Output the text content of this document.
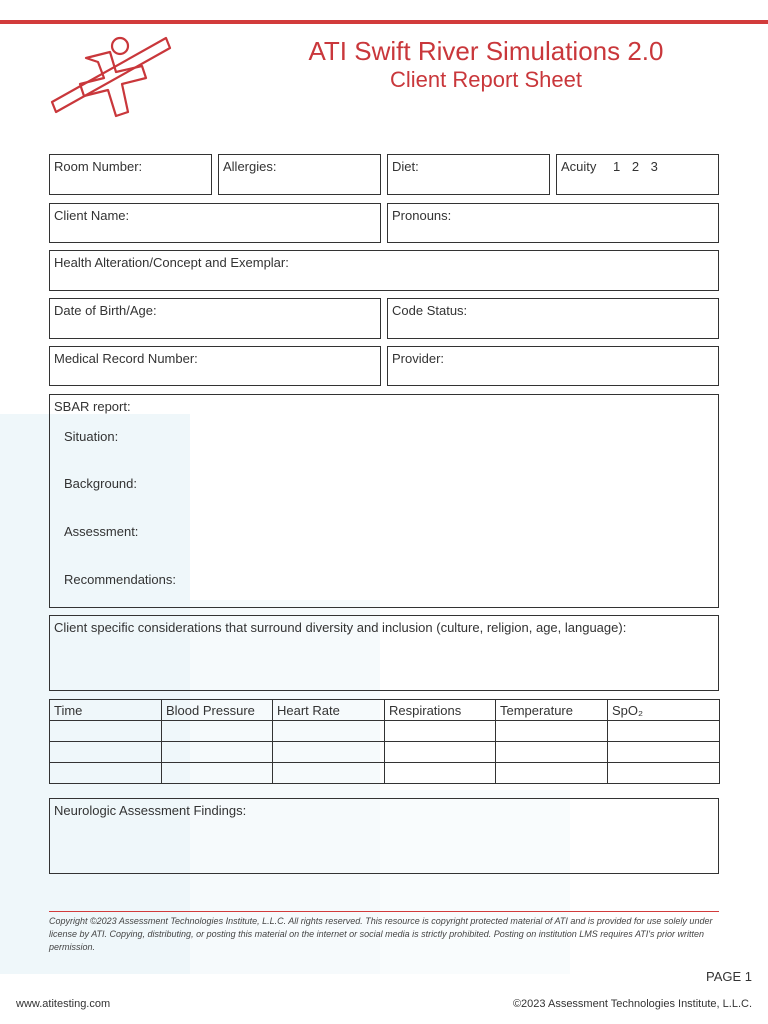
ATI Swift River Simulations 2.0
Client Report Sheet
Room Number:	Allergies:	Diet:	Acuity 1 2 3
Client Name:	Pronouns:
Health Alteration/Concept and Exemplar:
Date of Birth/Age:	Code Status:
Medical Record Number:	Provider:
SBAR report:
Situation:
Background:
Assessment:
Recommendations:
Client specific considerations that surround diversity and inclusion (culture, religion, age, language):
Time	Blood Pressure	Heart Rate	Respirations	Temperature	SpO₂

Neurologic Assessment Findings:
Copyright ©2023 Assessment Technologies Institute, L.L.C. All rights reserved. This resource is copyright protected material of ATI and is provided for use solely under license by ATI. Copying, distributing, or posting this material on the internet or social media is strictly prohibited. Posting on institution LMS requires ATI's prior written permission.
PAGE 1
www.atitesting.com	©2023 Assessment Technologies Institute, L.L.C.
